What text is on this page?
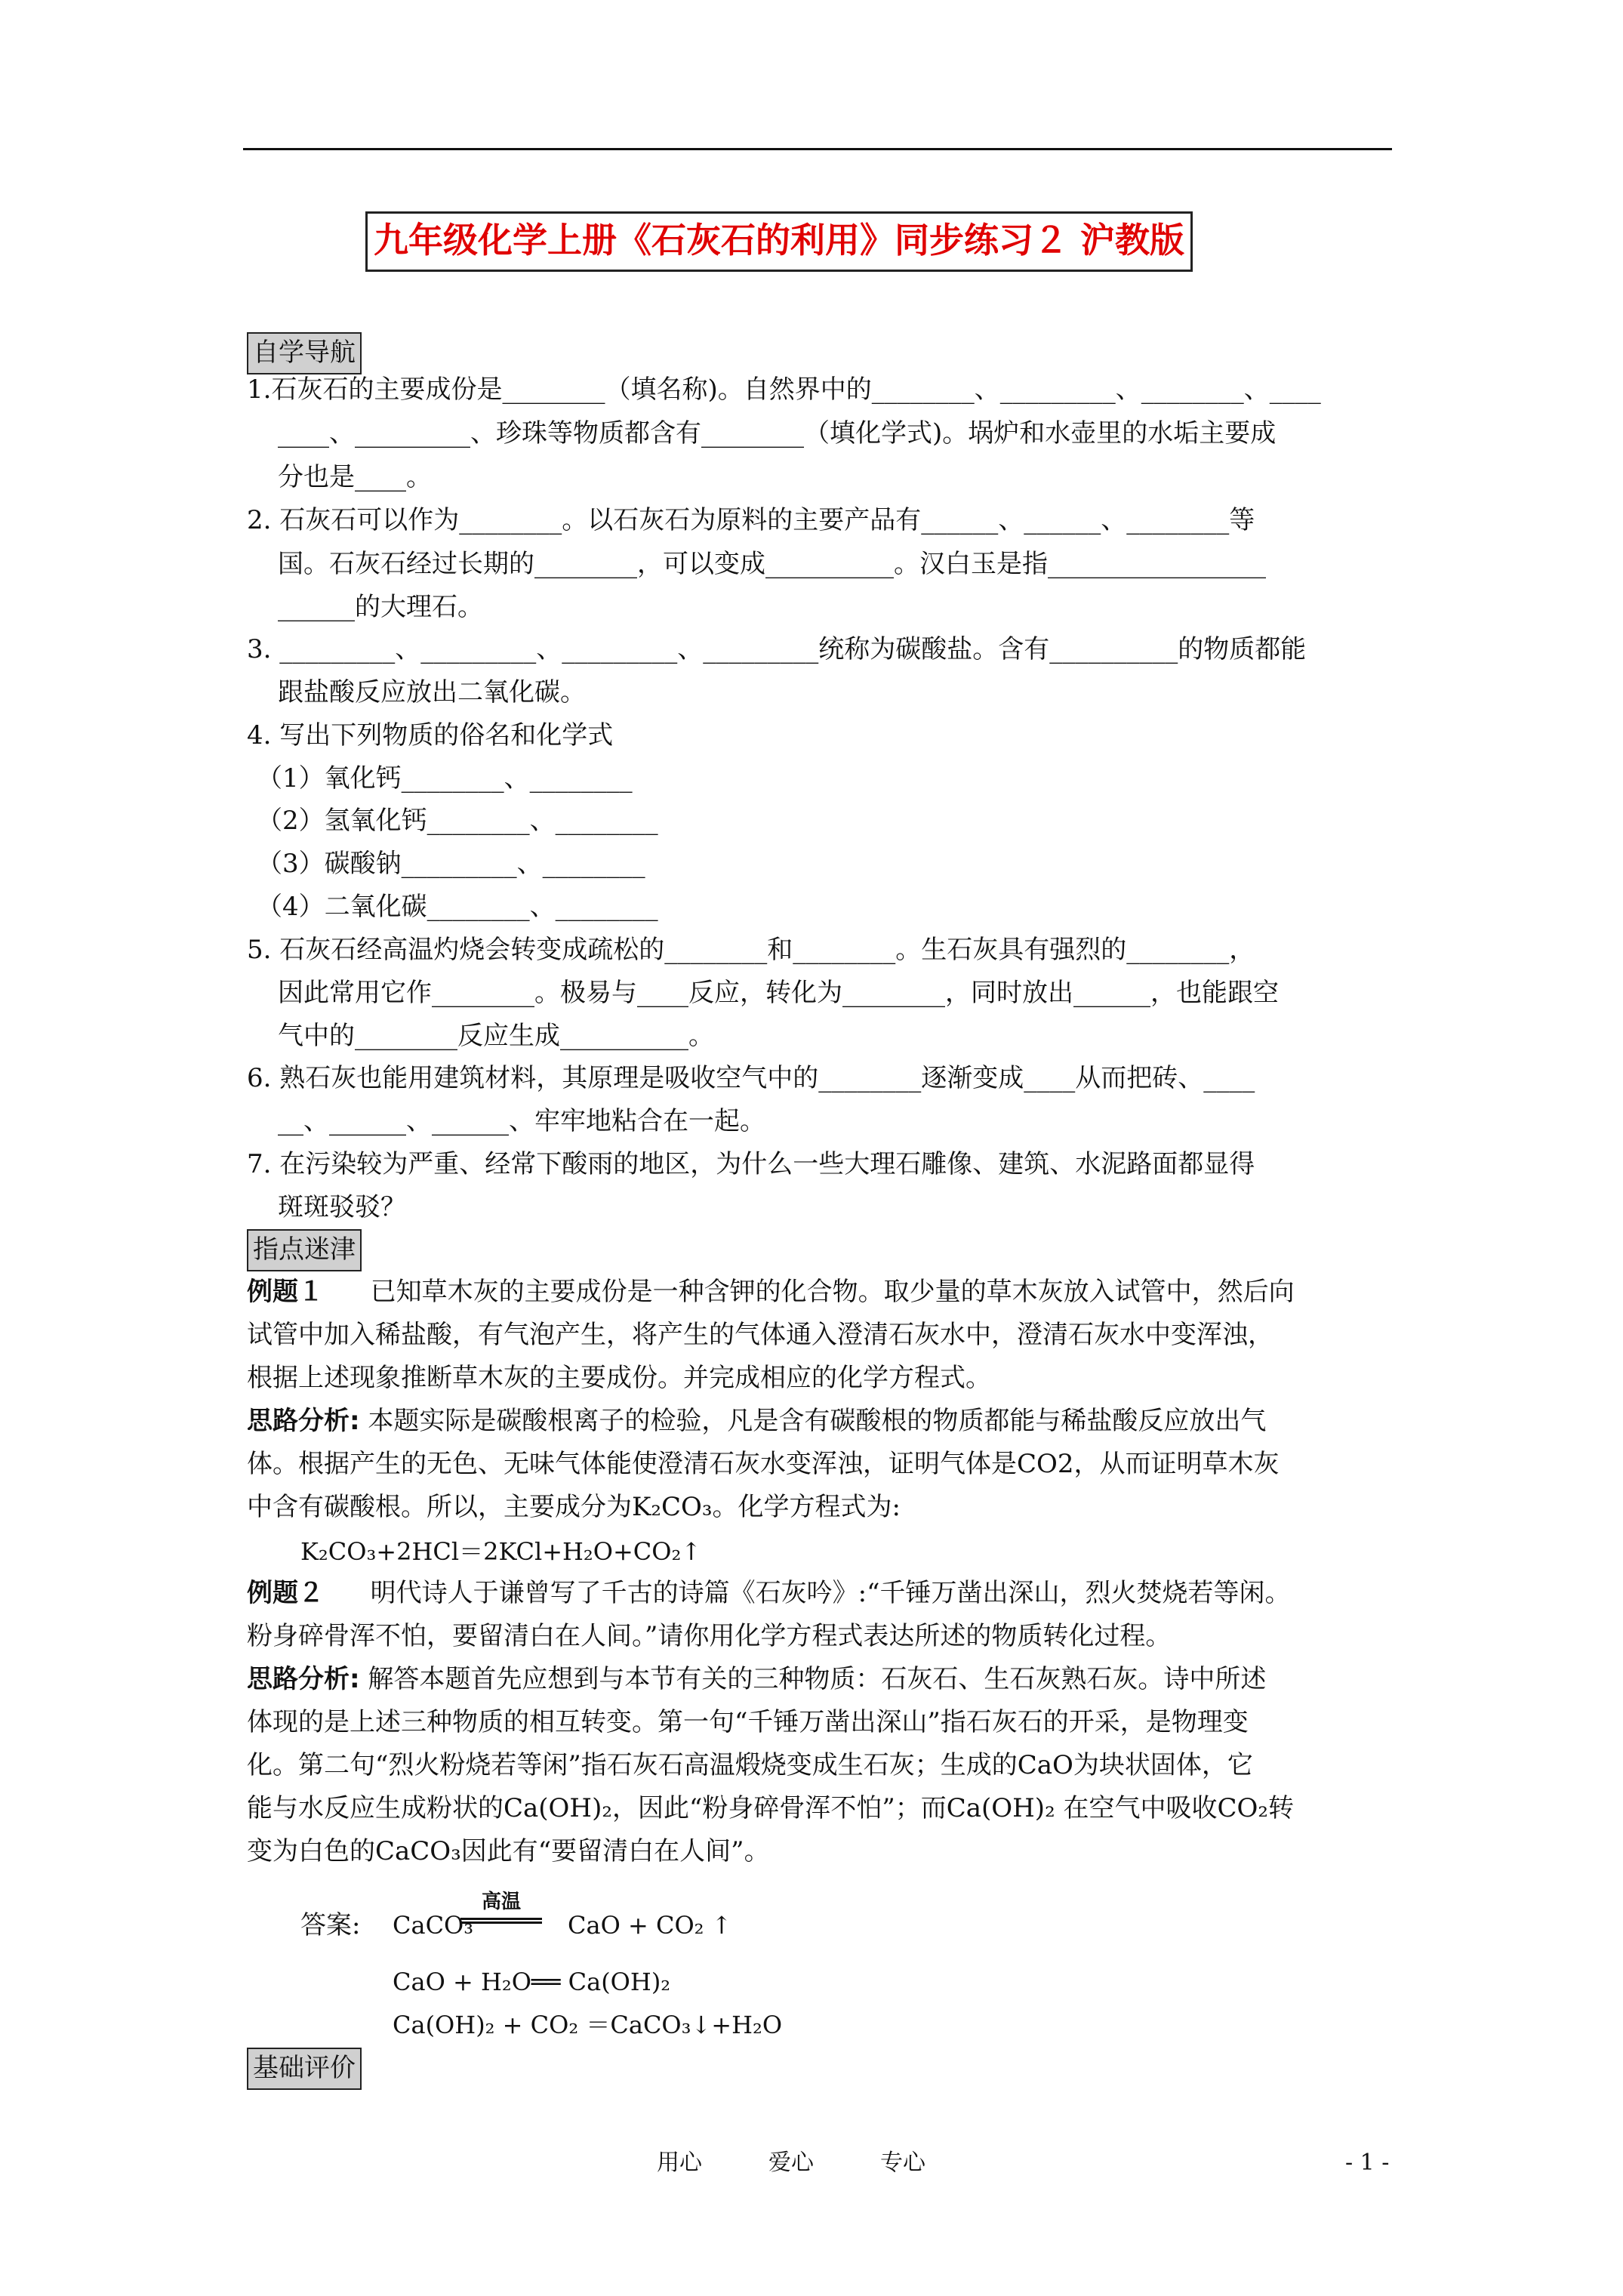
九年级化学上册《石灰石的利用》同步练习２ 沪教版
自学导航
1.石灰石的主要成份是________（填名称)。自然界中的________、_________、________、____
____、_________、珍珠等物质都含有________（填化学式)。埚炉和水壶里的水垢主要成
分也是____。
2. 石灰石可以作为________。以石灰石为原料的主要产品有______、______、________等
国。石灰石经过长期的________，可以变成__________。汉白玉是指_________________
______的大理石。
3. _________、_________、_________、_________统称为碳酸盐。含有__________的物质都能
跟盐酸反应放出二氧化碳。
4. 写出下列物质的俗名和化学式
（1）氧化钙________、________
（2）氢氧化钙________、________
（3）碳酸钠_________、________
（4）二氧化碳________、________
5. 石灰石经高温灼烧会转变成疏松的________和________。生石灰具有强烈的________，
因此常用它作________。极易与____反应，转化为________，同时放出______，也能跟空
气中的________反应生成__________。
6. 熟石灰也能用建筑材料，其原理是吸收空气中的________逐渐变成____从而把砖、____
__、______、______、牢牢地粘合在一起。
7. 在污染较为严重、经常下酸雨的地区，为什么一些大理石雕像、建筑、水泥路面都显得
斑斑驳驳？
指点迷津
例题１ 已知草木灰的主要成份是一种含钾的化合物。取少量的草木灰放入试管中，然后向
试管中加入稀盐酸，有气泡产生，将产生的气体通入澄清石灰水中，澄清石灰水中变浑浊，
根据上述现象推断草木灰的主要成份。并完成相应的化学方程式。
思路分析: 本题实际是碳酸根离子的检验，凡是含有碳酸根的物质都能与稀盐酸反应放出气
体。根据产生的无色、无味气体能使澄清石灰水变浑浊，证明气体是CO2，从而证明草木灰
中含有碳酸根。所以，主要成分为K₂CO₃。化学方程式为:
K₂CO₃+2HCl＝2KCl+H₂O+CO₂↑
例题２ 明代诗人于谦曾写了千古的诗篇《石灰吟》:“千锤万凿出深山，烈火焚烧若等闲。
粉身碎骨浑不怕，要留清白在人间。”请你用化学方程式表达所述的物质转化过程。
思路分析: 解答本题首先应想到与本节有关的三种物质：石灰石、生石灰熟石灰。诗中所述
体现的是上述三种物质的相互转变。第一句“千锤万凿出深山”指石灰石的开采，是物理变
化。第二句“烈火粉烧若等闲”指石灰石高温煅烧变成生石灰；生成的CaO为块状固体，它
能与水反应生成粉状的Ca(OH)₂，因此“粉身碎骨浑不怕”；而Ca(OH)₂ 在空气中吸收CO₂转
变为白色的CaCO₃因此有“要留清白在人间”。
答案: CaCO₃
高温
CaO + CO₂ ↑
CaO + H₂O══ Ca(OH)₂
Ca(OH)₂ + CO₂ ＝CaCO₃↓+H₂O
基础评价
用心	爱心	专心	- 1 -
